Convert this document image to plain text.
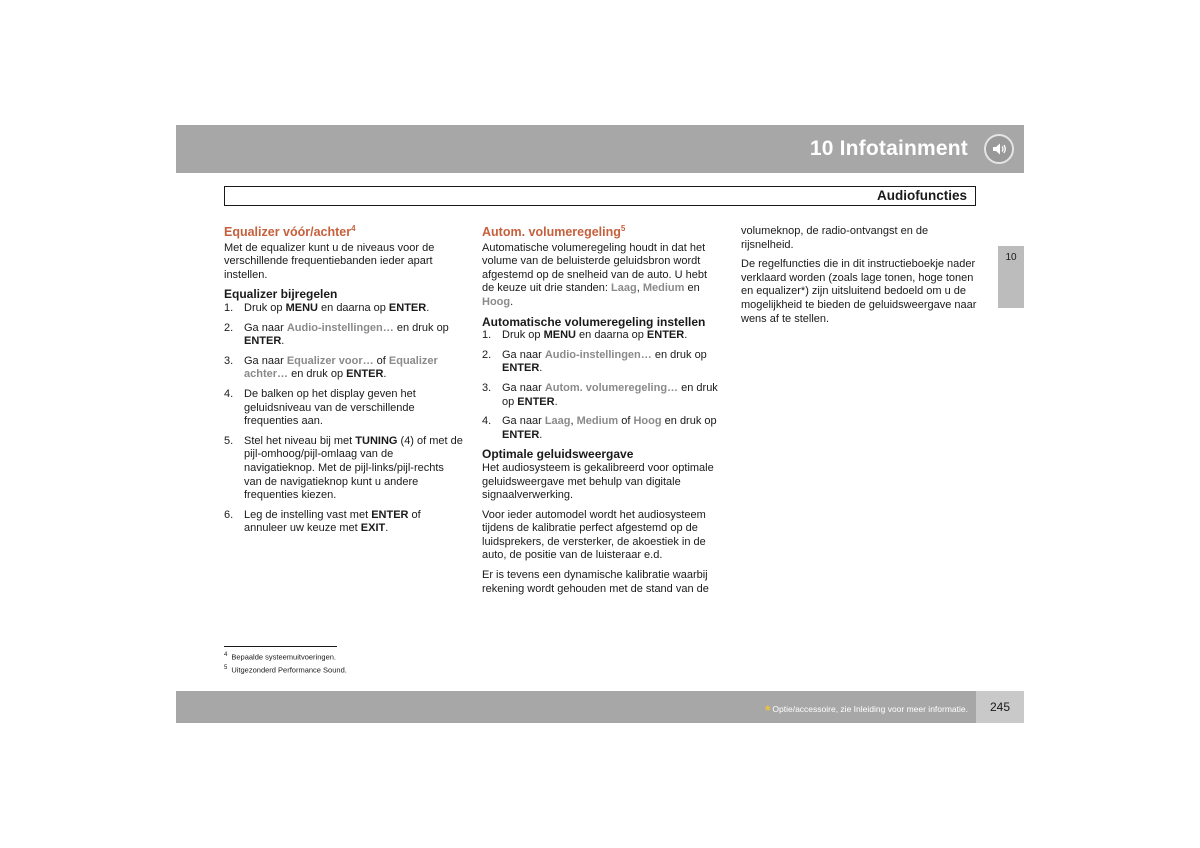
10 Infotainment
Audiofuncties
10
Equalizer vóór/achter$^4$

Met de equalizer kunt u de niveaus voor de verschillende frequentiebanden ieder apart instellen.

Equalizer bijregelen
1. Druk op MENU en daarna op ENTER.
2. Ga naar Audio-instellingen… en druk op ENTER.
3. Ga naar Equalizer voor… of Equalizer achter… en druk op ENTER.
4. De balken op het display geven het geluidsniveau van de verschillende frequenties aan.
5. Stel het niveau bij met TUNING (4) of met de pijl-omhoog/pijl-omlaag van de navigatieknop. Met de pijl-links/pijl-rechts van de navigatieknop kunt u andere frequenties kiezen.
6. Leg de instelling vast met ENTER of annuleer uw keuze met EXIT.
Autom. volumeregeling$^5$

Automatische volumeregeling houdt in dat het volume van de beluisterde geluidsbron wordt afgestemd op de snelheid van de auto. U hebt de keuze uit drie standen: Laag, Medium en Hoog.

Automatische volumeregeling instellen
1. Druk op MENU en daarna op ENTER.
2. Ga naar Audio-instellingen… en druk op ENTER.
3. Ga naar Autom. volumeregeling… en druk op ENTER.
4. Ga naar Laag, Medium of Hoog en druk op ENTER.
Optimale geluidsweergave

Het audiosysteem is gekalibreerd voor optimale geluidsweergave met behulp van digitale signaalverwerking.

Voor ieder automodel wordt het audiosysteem tijdens de kalibratie perfect afgestemd op de luidsprekers, de versterker, de akoestiek in de auto, de positie van de luisteraar e.d.

Er is tevens een dynamische kalibratie waarbij rekening wordt gehouden met de stand van de

volumeknop, de radio-ontvangst en de rijsnelheid.

De regelfuncties die in dit instructieboekje nader verklaard worden (zoals lage tonen, hoge tonen en equalizer*) zijn uitsluitend bedoeld om u de mogelijkheid te bieden de geluidsweergave naar wens af te stellen.

$^4$ Bepaalde systeemuitvoeringen.
$^5$ Uitgezonderd Performance Sound.
* Optie/accessoire, zie Inleiding voor meer informatie.	245
